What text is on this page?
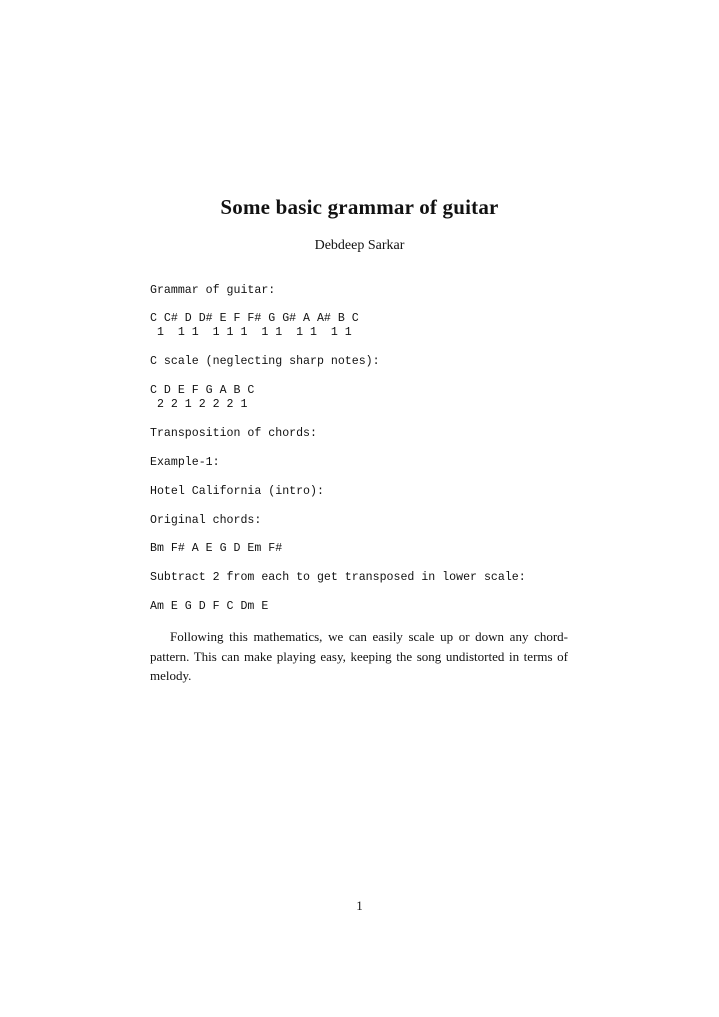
Some basic grammar of guitar
Debdeep Sarkar
Grammar of guitar:
C C# D D# E F F# G G# A A# B C
1  1 1  1 1 1  1 1  1 1  1 1
C scale (neglecting sharp notes):
C D E F G A B C
2 2 1 2 2 2 1
Transposition of chords:
Example-1:
Hotel California (intro):
Original chords:
Bm F# A E G D Em F#
Subtract 2 from each to get transposed in lower scale:
Am E G D F C Dm E
Following this mathematics, we can easily scale up or down any chord-pattern. This can make playing easy, keeping the song undistorted in terms of melody.
1
